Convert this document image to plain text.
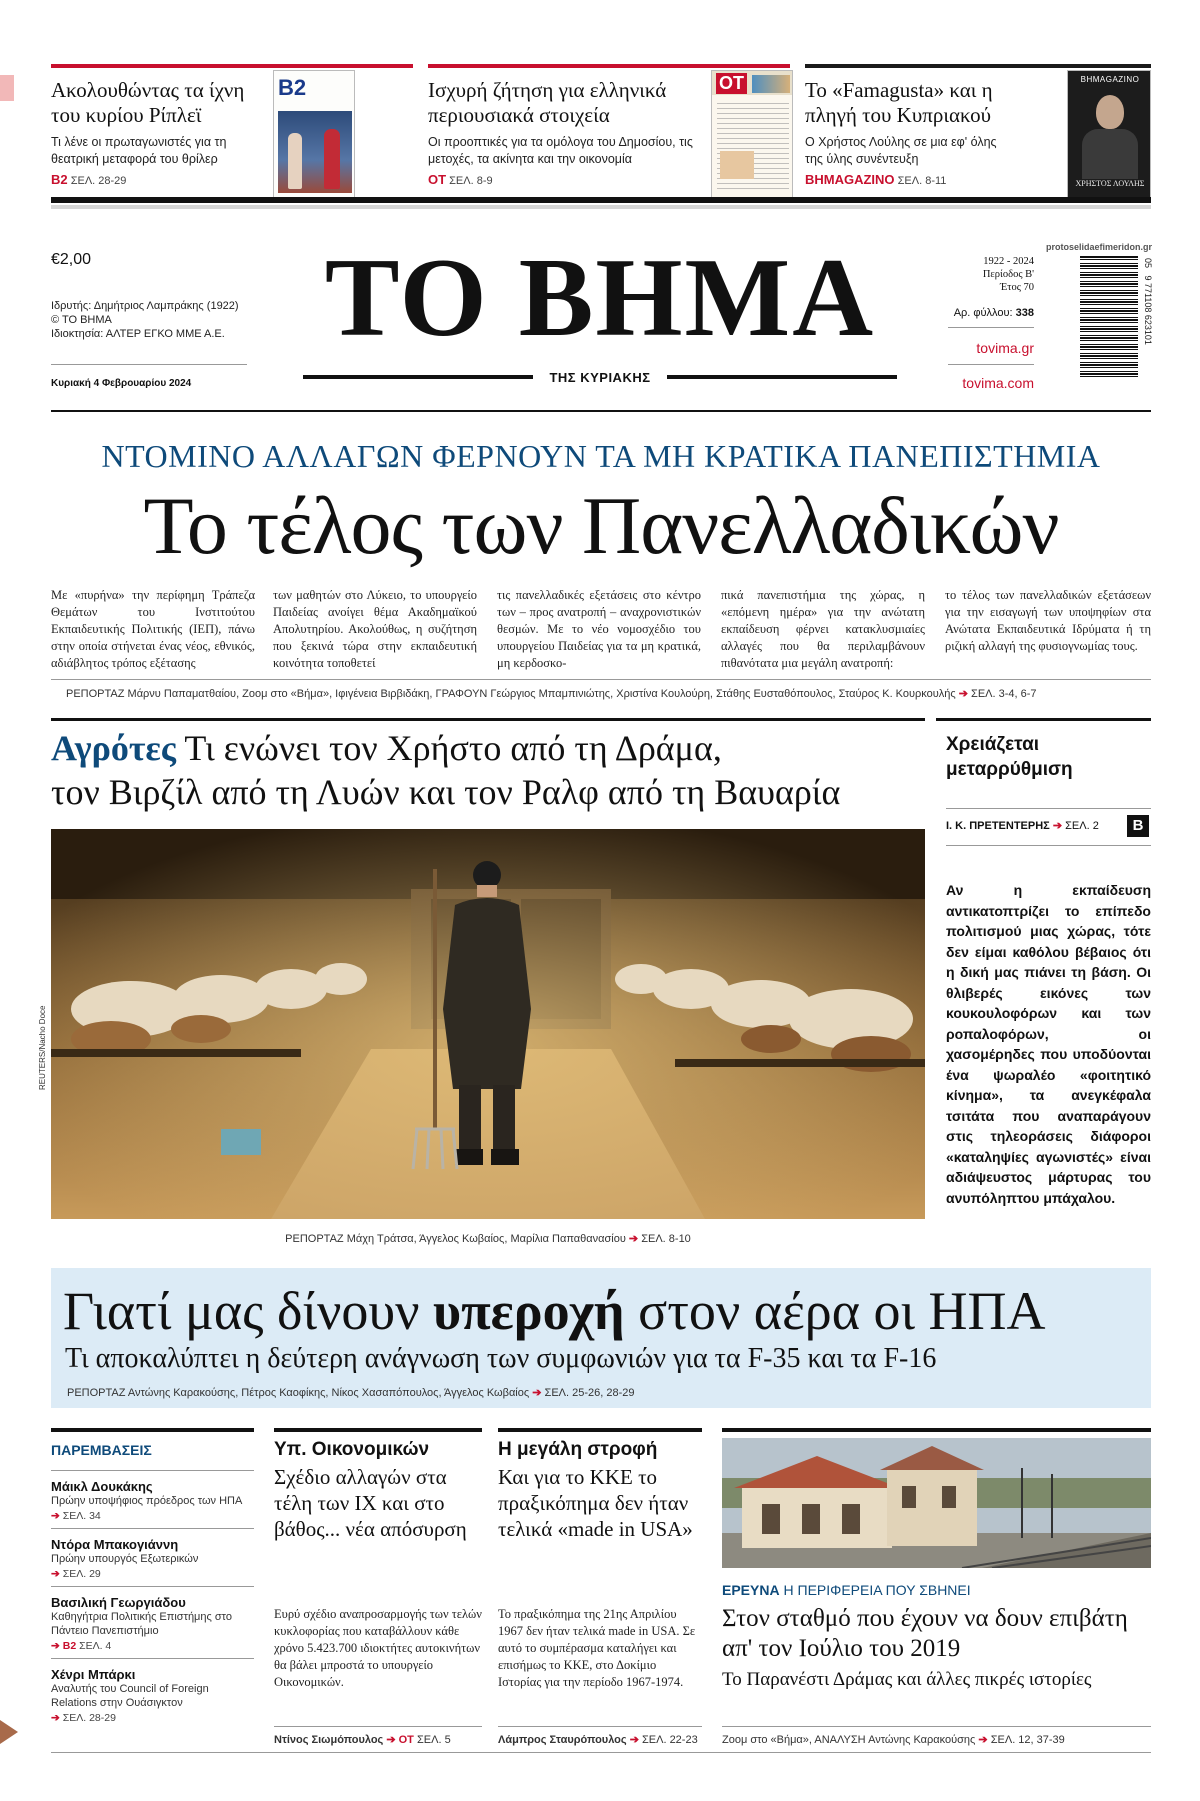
Ακολουθώντας τα ίχνη του κυρίου Ρίπλεϊ
Τι λένε οι πρωταγωνιστές για τη θεατρική μεταφορά του θρίλερ
B2 ΣΕΛ. 28-29
B2	Ισχυρή ζήτηση για ελληνικά περιουσιακά στοιχεία
Οι προοπτικές για τα ομόλογα του Δημοσίου, τις μετοχές, τα ακίνητα και την οικονομία
OT ΣΕΛ. 8-9
OT	Το «Famagusta» και η πληγή του Κυπριακού
Ο Χρήστος Λούλης σε μια εφ' όλης της ύλης συνέντευξη
BHMAGAZINO ΣΕΛ. 8-11
BHMAGAZINO
ΧΡΗΣΤΟΣ ΛΟΥΛΗΣ
€2,00
Ιδρυτής: Δημήτριος Λαμπράκης (1922)
© ΤΟ ΒΗΜΑ
Ιδιοκτησία: ΑΛΤΕΡ ΕΓΚΟ ΜΜΕ Α.Ε.
Κυριακή 4 Φεβρουαρίου 2024
ΤΟ ΒΗΜΑ
ΤΗΣ ΚΥΡΙΑΚΗΣ
1922 - 2024
Περίοδος Β'
Έτος 70
Αρ. φύλλου: 338
tovima.gr
tovima.com
protoselidaefimeridon.gr
05   9 771108 623101
ΝΤΟΜΙΝΟ ΑΛΛΑΓΩΝ ΦΕΡΝΟΥΝ ΤΑ ΜΗ ΚΡΑΤΙΚΑ ΠΑΝΕΠΙΣΤΗΜΙΑ
Το τέλος των Πανελλαδικών
Με «πυρήνα» την περίφημη Τράπεζα Θεμάτων του Ινστιτούτου Εκπαιδευτικής Πολιτικής (ΙΕΠ), πάνω στην οποία στήνεται ένας νέος, εθνικός, αδιάβλητος τρόπος εξέτασης
των μαθητών στο Λύκειο, το υπουργείο Παιδείας ανοίγει θέμα Ακαδημαϊκού Απολυτηρίου. Ακολούθως, η συζήτηση που ξεκινά τώρα στην εκπαιδευτική κοινότητα τοποθετεί
τις πανελλαδικές εξετάσεις στο κέντρο των – προς ανατροπή – αναχρονιστικών θεσμών. Με το νέο νομοσχέδιο του υπουργείου Παιδείας για τα μη κρατικά, μη κερδοσκο-
πικά πανεπιστήμια της χώρας, η «επόμενη ημέρα» για την ανώτατη εκπαίδευση φέρνει κατακλυσμιαίες αλλαγές που θα περιλαμβάνουν πιθανότατα μια μεγάλη ανατροπή:
το τέλος των πανελλαδικών εξετάσεων για την εισαγωγή των υποψηφίων στα Ανώτατα Εκπαιδευτικά Ιδρύματα ή τη ριζική αλλαγή της φυσιογνωμίας τους.
ΡΕΠΟΡΤΑΖ Μάρνυ Παπαματθαίου, Ζοομ στο «Βήμα», Ιφιγένεια Βιρβιδάκη, ΓΡΑΦΟΥΝ Γεώργιος Μπαμπινιώτης, Χριστίνα Κουλούρη, Στάθης Ευσταθόπουλος, Σταύρος Κ. Κουρκουλής ➔ ΣΕΛ. 3-4, 6-7
Αγρότες Τι ενώνει τον Χρήστο από τη Δράμα,
τον Βιρζίλ από τη Λυών και τον Ραλφ από τη Βαυαρία
REUTERS/Nacho Doce
ΡΕΠΟΡΤΑΖ Μάχη Τράτσα, Άγγελος Κωβαίος, Μαρίλια Παπαθανασίου ➔ ΣΕΛ. 8-10
Χρειάζεται μεταρρύθμιση
Ι. Κ. ΠΡΕΤΕΝΤΕΡΗΣ ➔ ΣΕΛ. 2	B
Αν η εκπαίδευση αντικατοπτρίζει το επίπεδο πολιτισμού μιας χώρας, τότε δεν είμαι καθόλου βέβαιος ότι η δική μας πιάνει τη βάση. Οι θλιβερές εικόνες των κουκουλοφόρων και των ροπαλοφόρων, οι χασομέρηδες που υποδύονται ένα ψωραλέο «φοιτητικό κίνημα», τα ανεγκέφαλα τσιτάτα που αναπαράγουν στις τηλεοράσεις διάφοροι «καταληψίες αγωνιστές» είναι αδιάψευστος μάρτυρας του ανυπόληπτου μπάχαλου.
Γιατί μας δίνουν υπεροχή στον αέρα οι ΗΠΑ
Τι αποκαλύπτει η δεύτερη ανάγνωση των συμφωνιών για τα F-35 και τα F-16
ΡΕΠΟΡΤΑΖ Αντώνης Καρακούσης, Πέτρος Καοφίκης, Νίκος Χασαπόπουλος, Άγγελος Κωβαίος ➔ ΣΕΛ. 25-26, 28-29
ΠΑΡΕΜΒΑΣΕΙΣ
Μάικλ Δουκάκης
Πρώην υποψήφιος πρόεδρος των ΗΠΑ
➔ ΣΕΛ. 34
Ντόρα Μπακογιάννη
Πρώην υπουργός Εξωτερικών
➔ ΣΕΛ. 29
Βασιλική Γεωργιάδου
Καθηγήτρια Πολιτικής Επιστήμης στο Πάντειο Πανεπιστήμιο
➔ B2 ΣΕΛ. 4
Χένρι Μπάρκι
Αναλυτής του Council of Foreign Relations στην Ουάσιγκτον
➔ ΣΕΛ. 28-29
Υπ. Οικονομικών
Σχέδιο αλλαγών στα τέλη των ΙΧ και στο βάθος... νέα απόσυρση
Ευρύ σχέδιο αναπροσαρμογής των τελών κυκλοφορίας που καταβάλλουν κάθε χρόνο 5.423.700 ιδιοκτήτες αυτοκινήτων θα βάλει μπροστά το υπουργείο Οικονομικών.
Ντίνος Σιωμόπουλος ➔ OT ΣΕΛ. 5
Η μεγάλη στροφή
Και για το ΚΚΕ το πραξικόπημα δεν ήταν τελικά «made in USA»
Το πραξικόπημα της 21ης Απριλίου 1967 δεν ήταν τελικά made in USA. Σε αυτό το συμπέρασμα καταλήγει και επισήμως το ΚΚΕ, στο Δοκίμιο Ιστορίας για την περίοδο 1967-1974.
Λάμπρος Σταυρόπουλος ➔ ΣΕΛ. 22-23
ΕΡΕΥΝΑ Η ΠΕΡΙΦΕΡΕΙΑ ΠΟΥ ΣΒΗΝΕΙ
Στον σταθμό που έχουν να δουν επιβάτη απ' τον Ιούλιο του 2019
Το Παρανέστι Δράμας και άλλες πικρές ιστορίες
Ζοομ στο «Βήμα», ΑΝΑΛΥΣΗ Αντώνης Καρακούσης ➔ ΣΕΛ. 12, 37-39
